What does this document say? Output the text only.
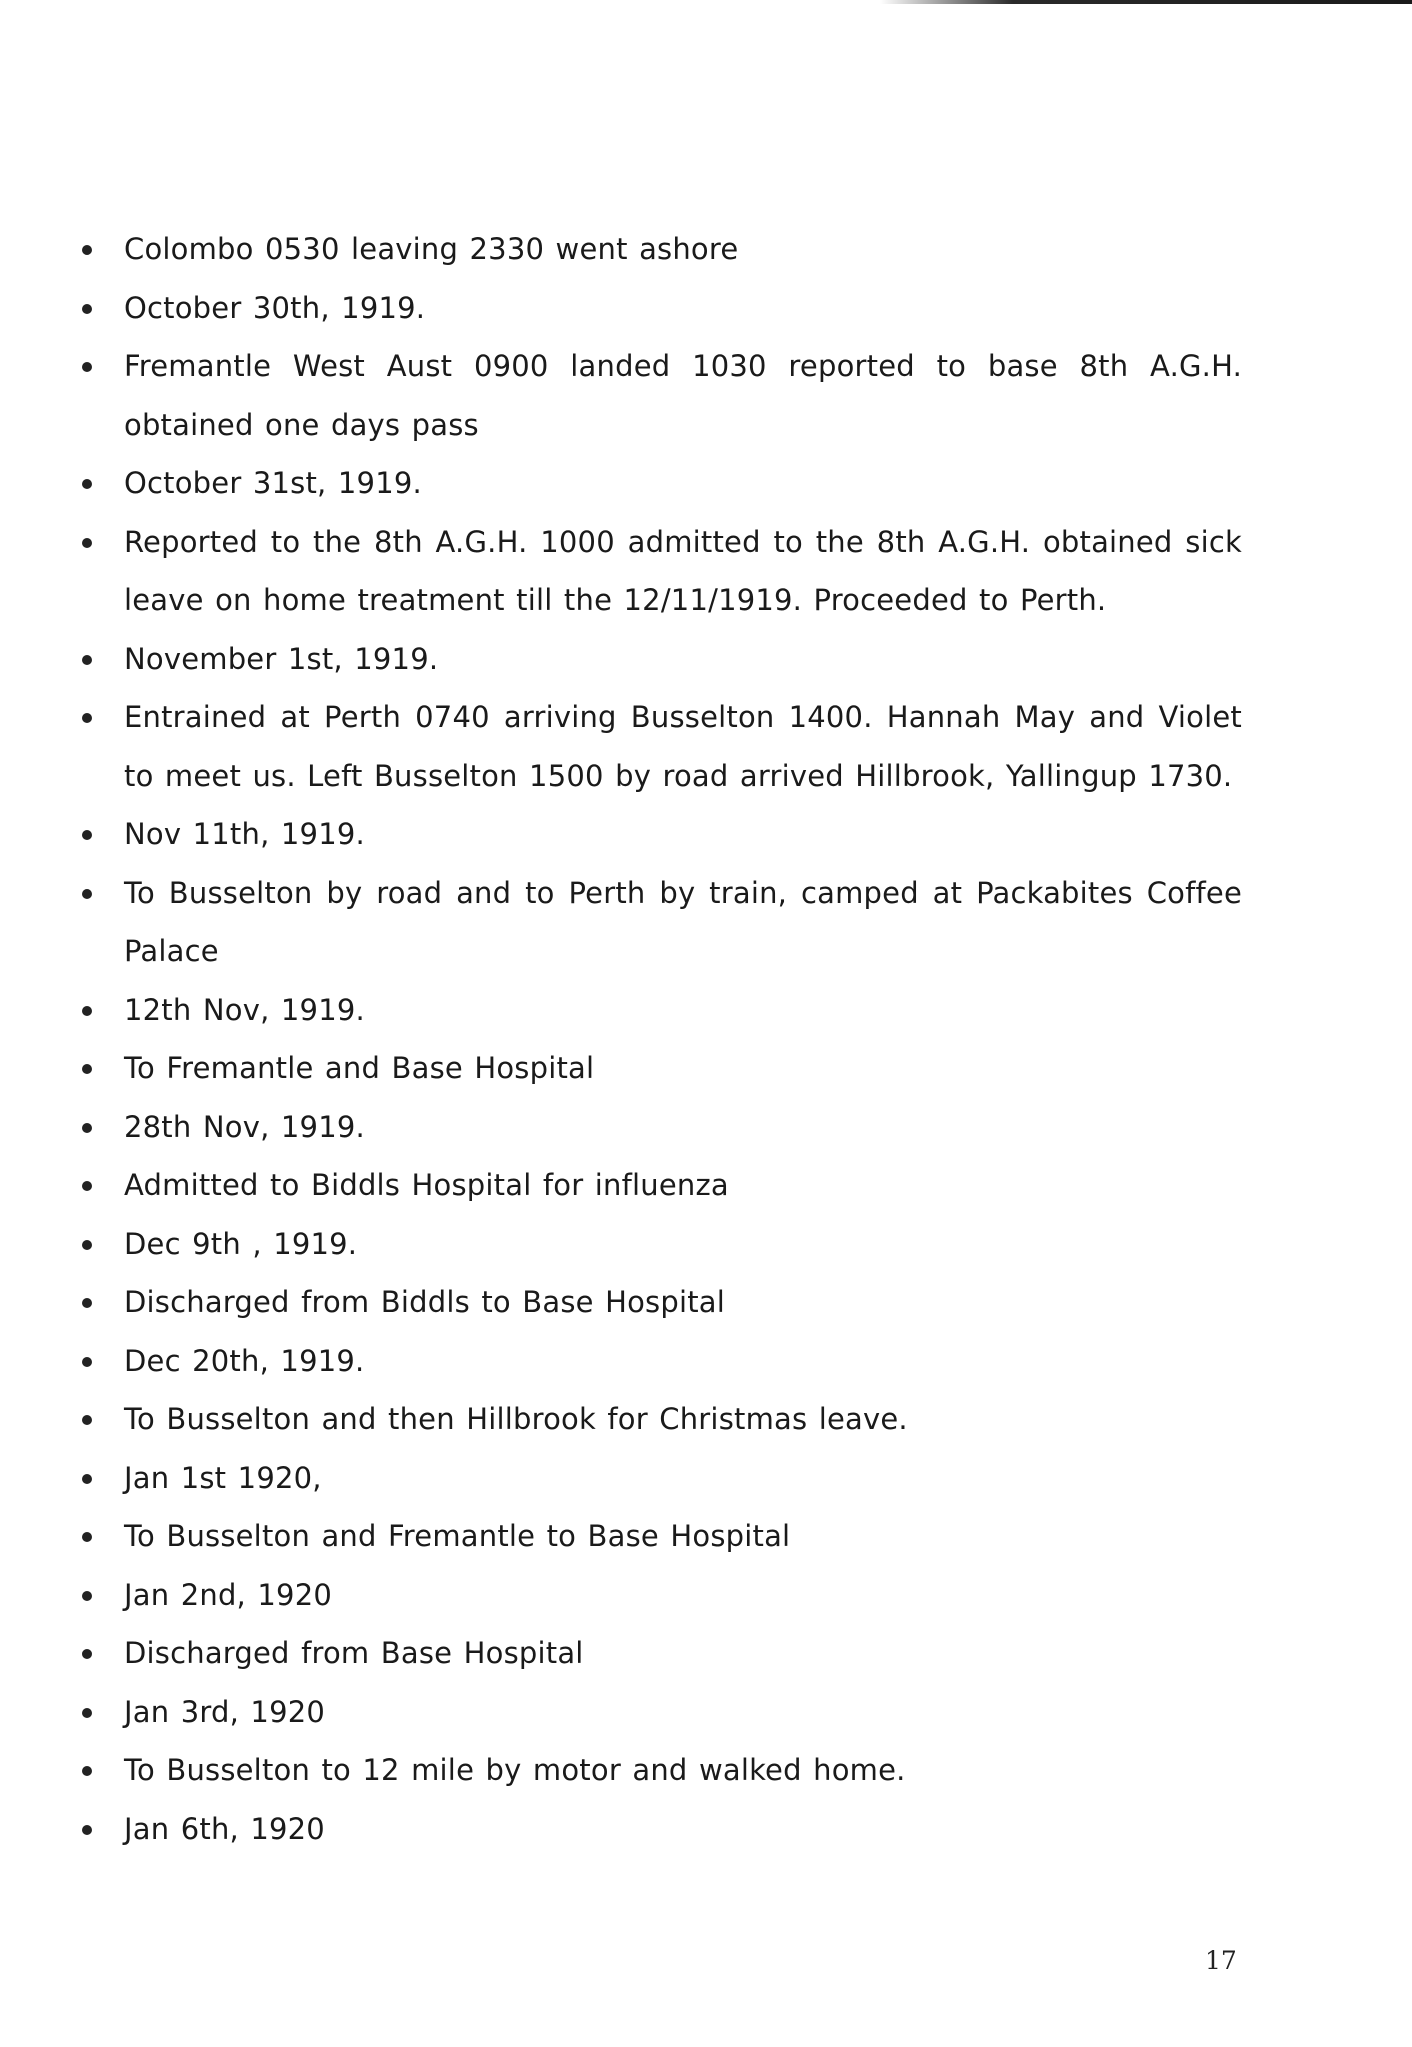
Colombo 0530 leaving 2330 went ashore
October 30th, 1919.
Fremantle West Aust 0900 landed 1030 reported to base 8th A.G.H. obtained one days pass
October 31st, 1919.
Reported to the 8th A.G.H. 1000 admitted to the 8th A.G.H. obtained sick leave on home treatment till the 12/11/1919. Proceeded to Perth.
November 1st, 1919.
Entrained at Perth 0740 arriving Busselton 1400. Hannah May and Violet to meet us. Left Busselton 1500 by road arrived Hillbrook, Yallingup 1730.
Nov 11th, 1919.
To Busselton by road and to Perth by train, camped at Packabites Coffee Palace
12th Nov, 1919.
To Fremantle and Base Hospital
28th Nov, 1919.
Admitted to Biddls Hospital for influenza
Dec 9th , 1919.
Discharged from Biddls to Base Hospital
Dec 20th, 1919.
To Busselton and then Hillbrook for Christmas leave.
Jan 1st 1920,
To Busselton and Fremantle to Base Hospital
Jan 2nd, 1920
Discharged from Base Hospital
Jan 3rd, 1920
To Busselton to 12 mile by motor and walked home.
Jan 6th, 1920
17
